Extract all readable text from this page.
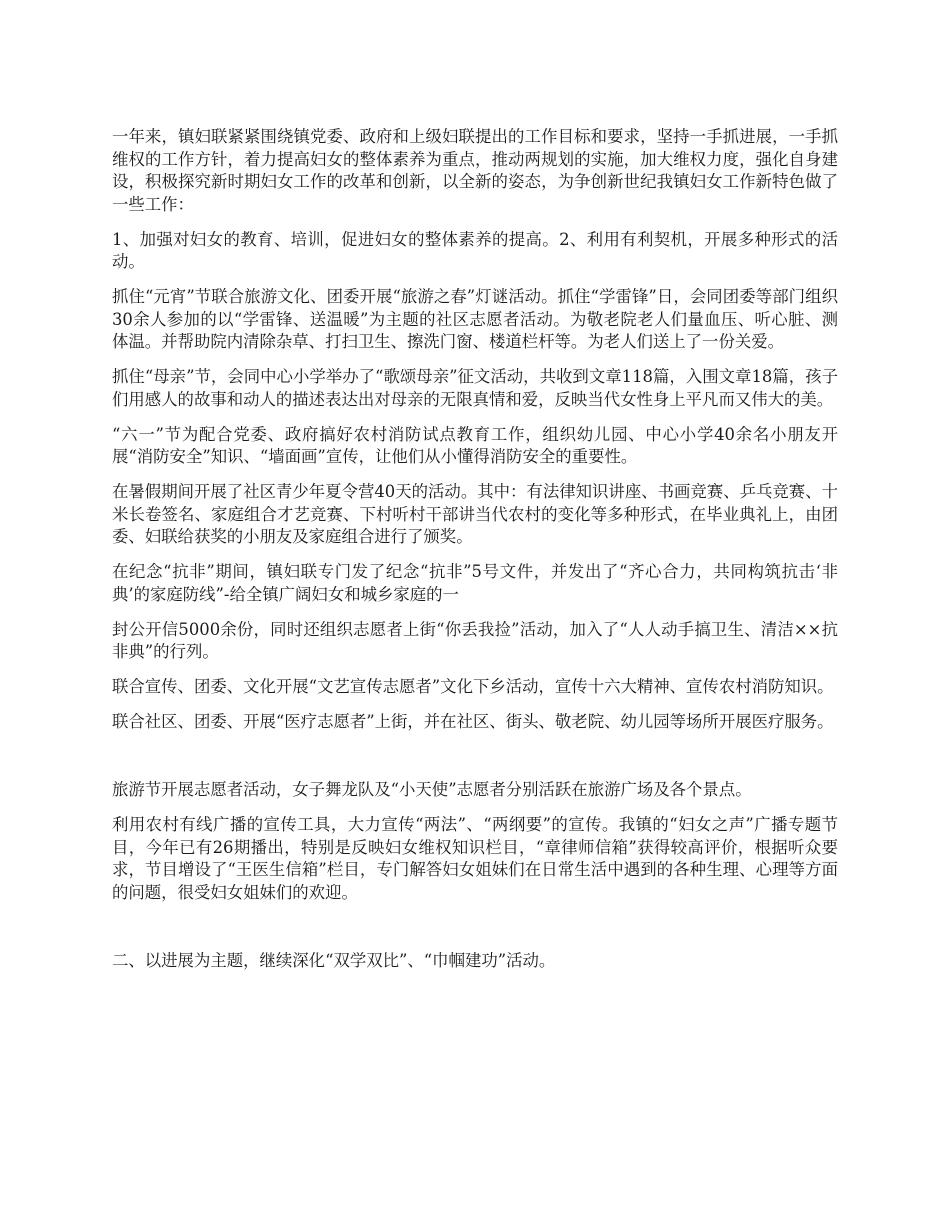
一年来，镇妇联紧紧围绕镇党委、政府和上级妇联提出的工作目标和要求，坚持一手抓进展，一手抓维权的工作方针，着力提高妇女的整体素养为重点，推动两规划的实施，加大维权力度，强化自身建设，积极探究新时期妇女工作的改革和创新，以全新的姿态，为争创新世纪我镇妇女工作新特色做了一些工作：

1、加强对妇女的教育、培训，促进妇女的整体素养的提高。2、利用有利契机，开展多种形式的活动。

抓住“元宵”节联合旅游文化、团委开展“旅游之春”灯谜活动。抓住“学雷锋”日，会同团委等部门组织30余人参加的以“学雷锋、送温暖”为主题的社区志愿者活动。为敬老院老人们量血压、听心脏、测体温。并帮助院内清除杂草、打扫卫生、擦洗门窗、楼道栏杆等。为老人们送上了一份关爱。

抓住“母亲”节，会同中心小学举办了“歌颂母亲”征文活动，共收到文章118篇，入围文章18篇，孩子们用感人的故事和动人的描述表达出对母亲的无限真情和爱，反映当代女性身上平凡而又伟大的美。

“六一”节为配合党委、政府搞好农村消防试点教育工作，组织幼儿园、中心小学40余名小朋友开展“消防安全”知识、“墙面画”宣传，让他们从小懂得消防安全的重要性。

在暑假期间开展了社区青少年夏令营40天的活动。其中：有法律知识讲座、书画竞赛、乒乓竞赛、十米长卷签名、家庭组合才艺竞赛、下村听村干部讲当代农村的变化等多种形式，在毕业典礼上，由团委、妇联给获奖的小朋友及家庭组合进行了颁奖。

在纪念“抗非”期间，镇妇联专门发了纪念“抗非”5号文件，并发出了“齐心合力，共同构筑抗击‘非典’的家庭防线”-给全镇广阔妇女和城乡家庭的一

封公开信5000余份，同时还组织志愿者上街“你丢我捡”活动，加入了“人人动手搞卫生、清洁××抗非典”的行列。

联合宣传、团委、文化开展“文艺宣传志愿者”文化下乡活动，宣传十六大精神、宣传农村消防知识。

联合社区、团委、开展“医疗志愿者”上街，并在社区、街头、敬老院、幼儿园等场所开展医疗服务。

旅游节开展志愿者活动，女子舞龙队及“小天使”志愿者分别活跃在旅游广场及各个景点。

利用农村有线广播的宣传工具，大力宣传“两法”、“两纲要”的宣传。我镇的“妇女之声”广播专题节目，今年已有26期播出，特别是反映妇女维权知识栏目，“章律师信箱”获得较高评价，根据听众要求，节目增设了“王医生信箱”栏目，专门解答妇女姐妹们在日常生活中遇到的各种生理、心理等方面的问题，很受妇女姐妹们的欢迎。

二、以进展为主题，继续深化“双学双比”、“巾帼建功”活动。
